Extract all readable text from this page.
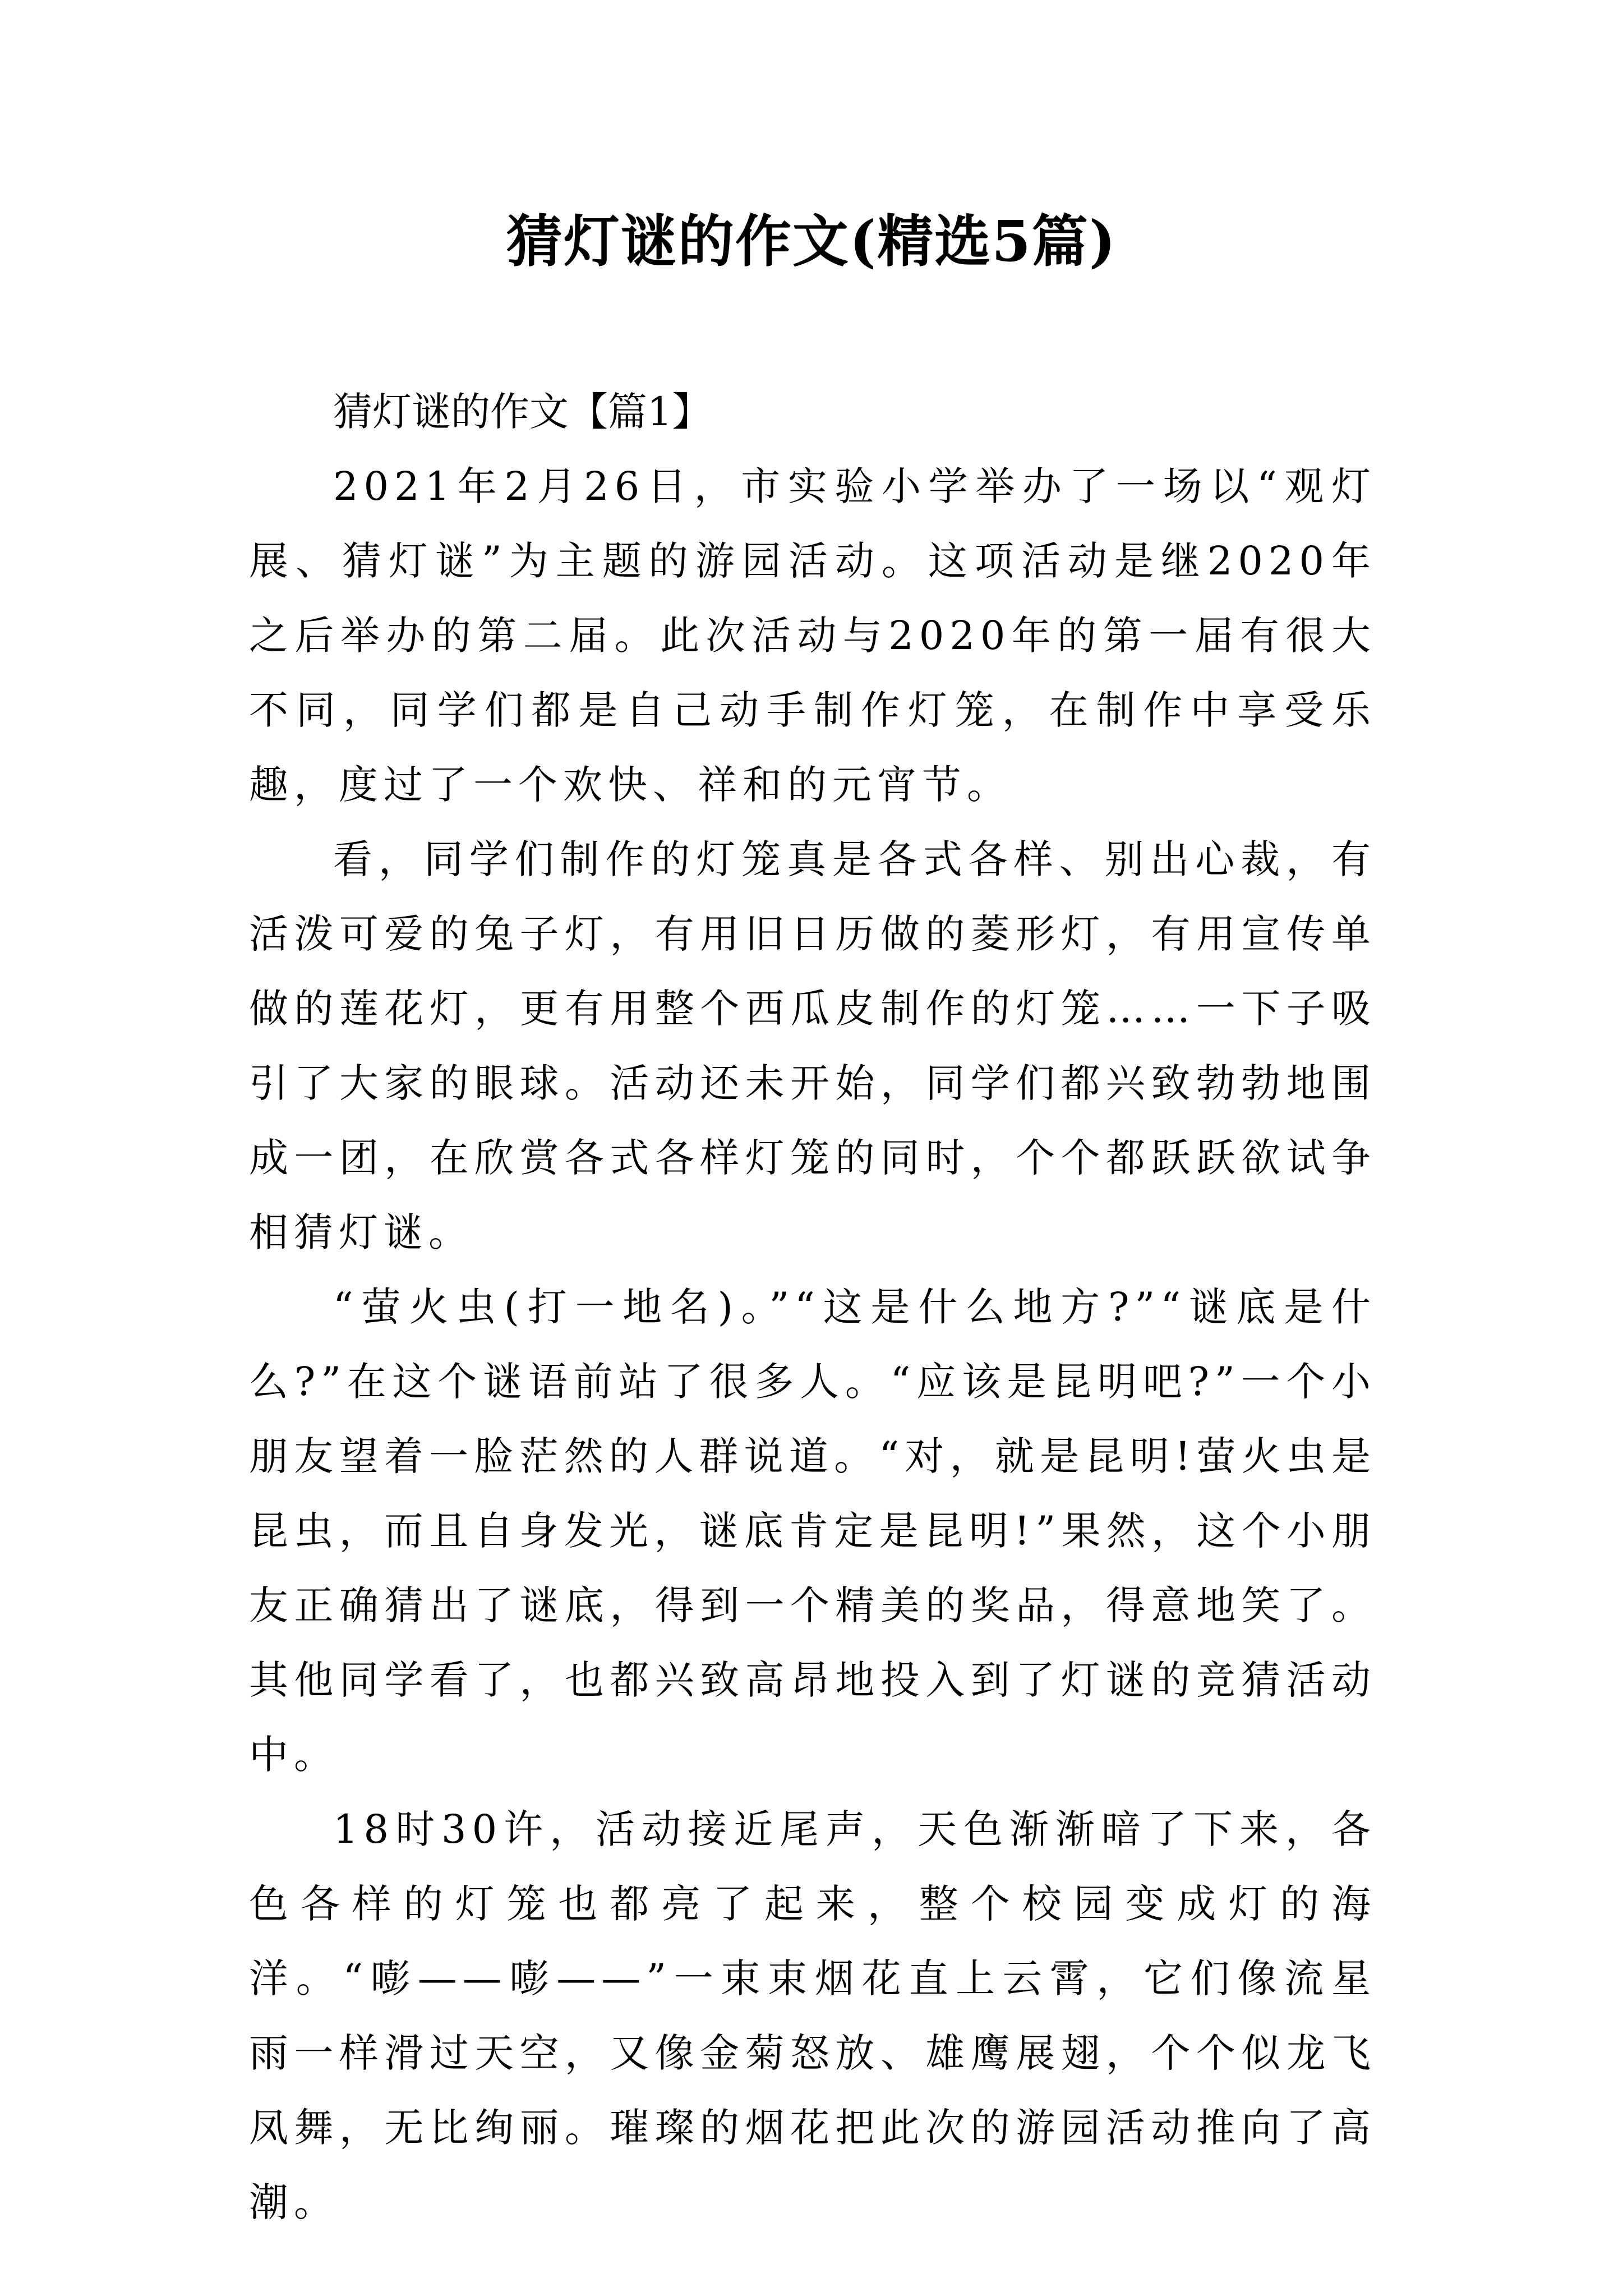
猜灯谜的作文(精选5篇)
猜灯谜的作文【篇1】

2021年2月26日，市实验小学举办了一场以“观灯展、猜灯谜”为主题的游园活动。这项活动是继2020年之后举办的第二届。此次活动与2020年的第一届有很大不同，同学们都是自己动手制作灯笼，在制作中享受乐趣，度过了一个欢快、祥和的元宵节。

看，同学们制作的灯笼真是各式各样、别出心裁，有活泼可爱的兔子灯，有用旧日历做的菱形灯，有用宣传单做的莲花灯，更有用整个西瓜皮制作的灯笼……一下子吸引了大家的眼球。活动还未开始，同学们都兴致勃勃地围成一团，在欣赏各式各样灯笼的同时，个个都跃跃欲试争相猜灯谜。

“萤火虫(打一地名)。”“这是什么地方?”“谜底是什么?”在这个谜语前站了很多人。“应该是昆明吧?”一个小朋友望着一脸茫然的人群说道。“对，就是昆明!萤火虫是昆虫，而且自身发光，谜底肯定是昆明!”果然，这个小朋友正确猜出了谜底，得到一个精美的奖品，得意地笑了。其他同学看了，也都兴致高昂地投入到了灯谜的竞猜活动中。

18时30许，活动接近尾声，天色渐渐暗了下来，各色各样的灯笼也都亮了起来，整个校园变成灯的海洋。“嘭——嘭——”一束束烟花直上云霄，它们像流星雨一样滑过天空，又像金菊怒放、雄鹰展翅，个个似龙飞凤舞，无比绚丽。璀璨的烟花把此次的游园活动推向了高潮。
